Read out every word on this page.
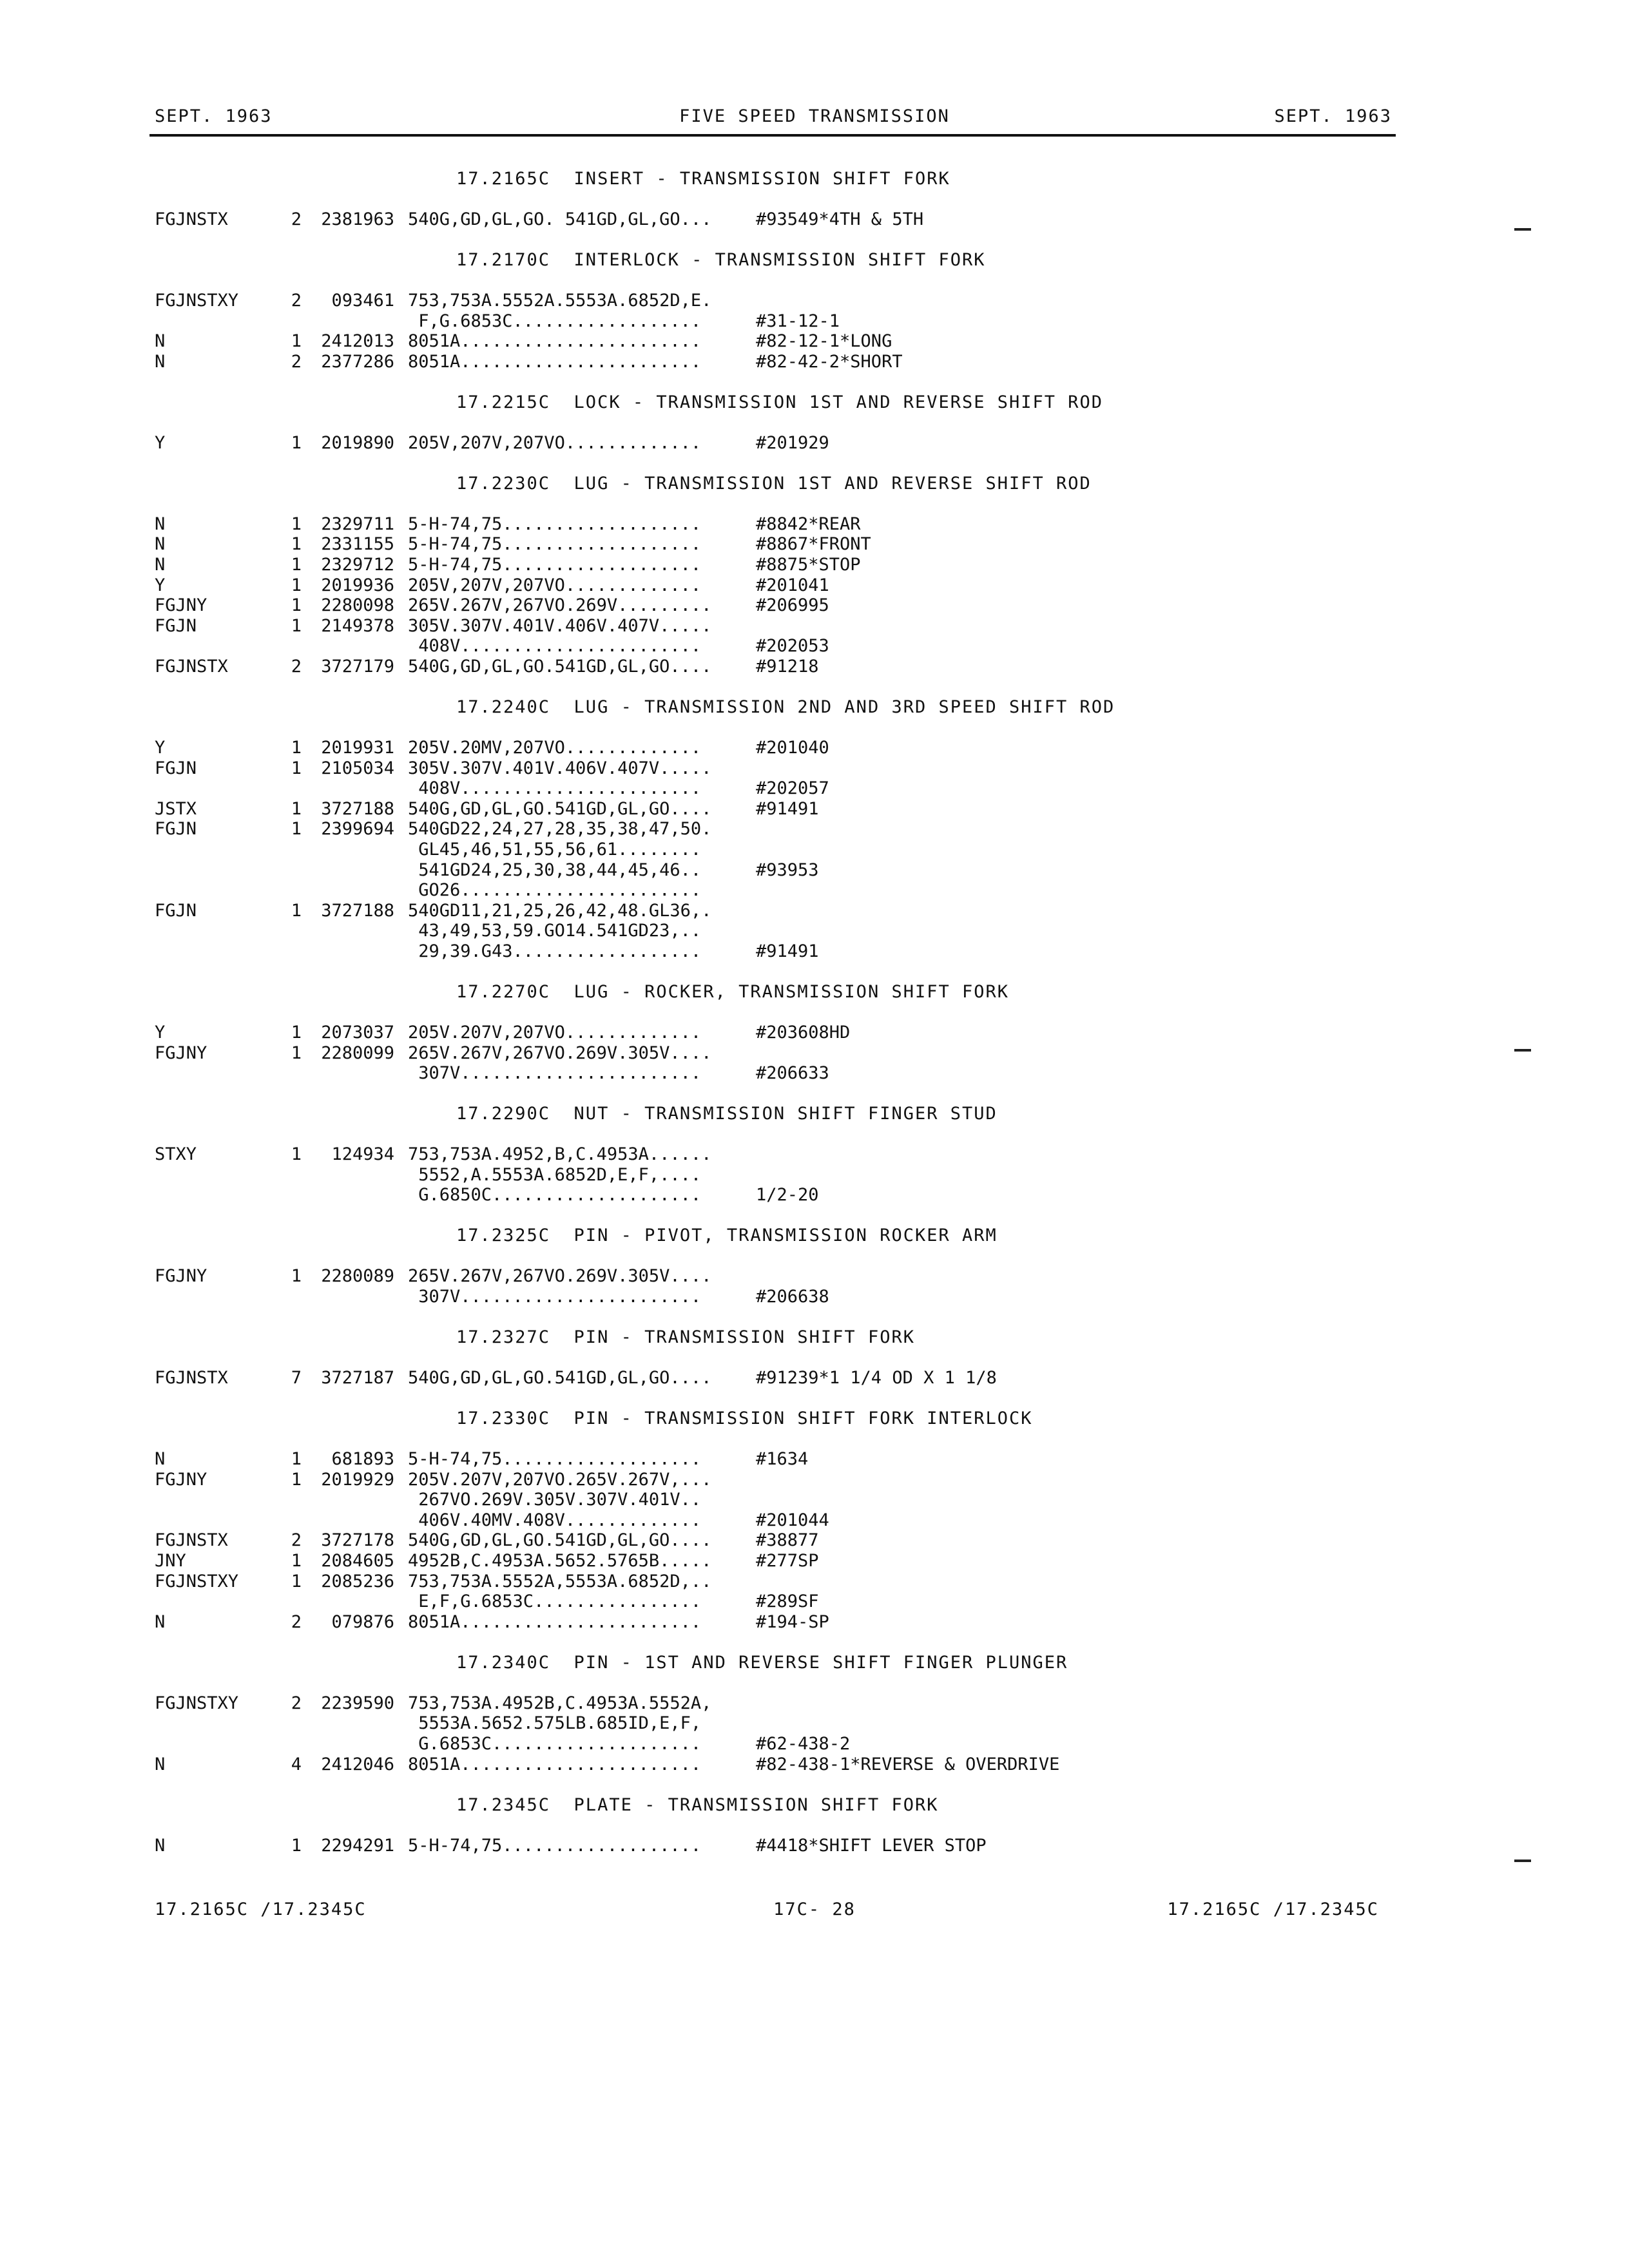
SEPT. 1963	FIVE SPEED TRANSMISSION	SEPT. 1963
17.2165C  INSERT - TRANSMISSION SHIFT FORK
FGJNSTX	2	2381963 540G,GD,GL,GO. 541GD,GL,GO...	#93549*4TH & 5TH
17.2170C  INTERLOCK - TRANSMISSION SHIFT FORK
FGJNSTXY	2	093461 753,753A.5552A.5553A.6852D,E.
F,G.6853C..................	#31-12-1
N	1	2412013 8051A.......................	#82-12-1*LONG
N	2	2377286 8051A.......................	#82-42-2*SHORT
17.2215C  LOCK - TRANSMISSION 1ST AND REVERSE SHIFT ROD
Y	1	2019890 205V,207V,207VO.............	#201929
17.2230C  LUG - TRANSMISSION 1ST AND REVERSE SHIFT ROD
N	1	2329711 5-H-74,75...................	#8842*REAR
N	1	2331155 5-H-74,75...................	#8867*FRONT
N	1	2329712 5-H-74,75...................	#8875*STOP
Y	1	2019936 205V,207V,207VO.............	#201041
FGJNY	1	2280098 265V.267V,267VO.269V.........	#206995
FGJN	1	2149378 305V.307V.401V.406V.407V.....
408V.......................	#202053
FGJNSTX	2	3727179 540G,GD,GL,GO.541GD,GL,GO....	#91218
17.2240C  LUG - TRANSMISSION 2ND AND 3RD SPEED SHIFT ROD
Y	1	2019931 205V.20MV,207VO.............	#201040
FGJN	1	2105034 305V.307V.401V.406V.407V.....
408V.......................	#202057
JSTX	1	3727188 540G,GD,GL,GO.541GD,GL,GO....	#91491
FGJN	1	2399694 540GD22,24,27,28,35,38,47,50.
GL45,46,51,55,56,61........
541GD24,25,30,38,44,45,46..	#93953
GO26.......................
FGJN	1	3727188 540GD11,21,25,26,42,48.GL36,.
43,49,53,59.GO14.541GD23,..
29,39.G43..................	#91491
17.2270C  LUG - ROCKER, TRANSMISSION SHIFT FORK
Y	1	2073037 205V.207V,207VO.............	#203608HD
FGJNY	1	2280099 265V.267V,267VO.269V.305V....
307V.......................	#206633
17.2290C  NUT - TRANSMISSION SHIFT FINGER STUD
STXY	1	124934 753,753A.4952,B,C.4953A......
5552,A.5553A.6852D,E,F,....
G.6850C....................	1/2-20
17.2325C  PIN - PIVOT, TRANSMISSION ROCKER ARM
FGJNY	1	2280089 265V.267V,267VO.269V.305V....
307V.......................	#206638
17.2327C  PIN - TRANSMISSION SHIFT FORK
FGJNSTX	7	3727187 540G,GD,GL,GO.541GD,GL,GO....	#91239*1 1/4 OD X 1 1/8
17.2330C  PIN - TRANSMISSION SHIFT FORK INTERLOCK
N	1	681893 5-H-74,75...................	#1634
FGJNY	1	2019929 205V.207V,207VO.265V.267V,...
267VO.269V.305V.307V.401V..
406V.40MV.408V.............	#201044
FGJNSTX	2	3727178 540G,GD,GL,GO.541GD,GL,GO....	#38877
JNY	1	2084605 4952B,C.4953A.5652.5765B.....	#277SP
FGJNSTXY	1	2085236 753,753A.5552A,5553A.6852D,..
E,F,G.6853C................	#289SF
N	2	079876 8051A.......................	#194-SP
17.2340C  PIN - 1ST AND REVERSE SHIFT FINGER PLUNGER
FGJNSTXY	2	2239590 753,753A.4952B,C.4953A.5552A,
5553A.5652.575LB.685ID,E,F,
G.6853C....................	#62-438-2
N	4	2412046 8051A.......................	#82-438-1*REVERSE & OVERDRIVE
17.2345C  PLATE - TRANSMISSION SHIFT FORK
N	1	2294291 5-H-74,75...................	#4418*SHIFT LEVER STOP
17.2165C /17.2345C	17C- 28	17.2165C /17.2345C
